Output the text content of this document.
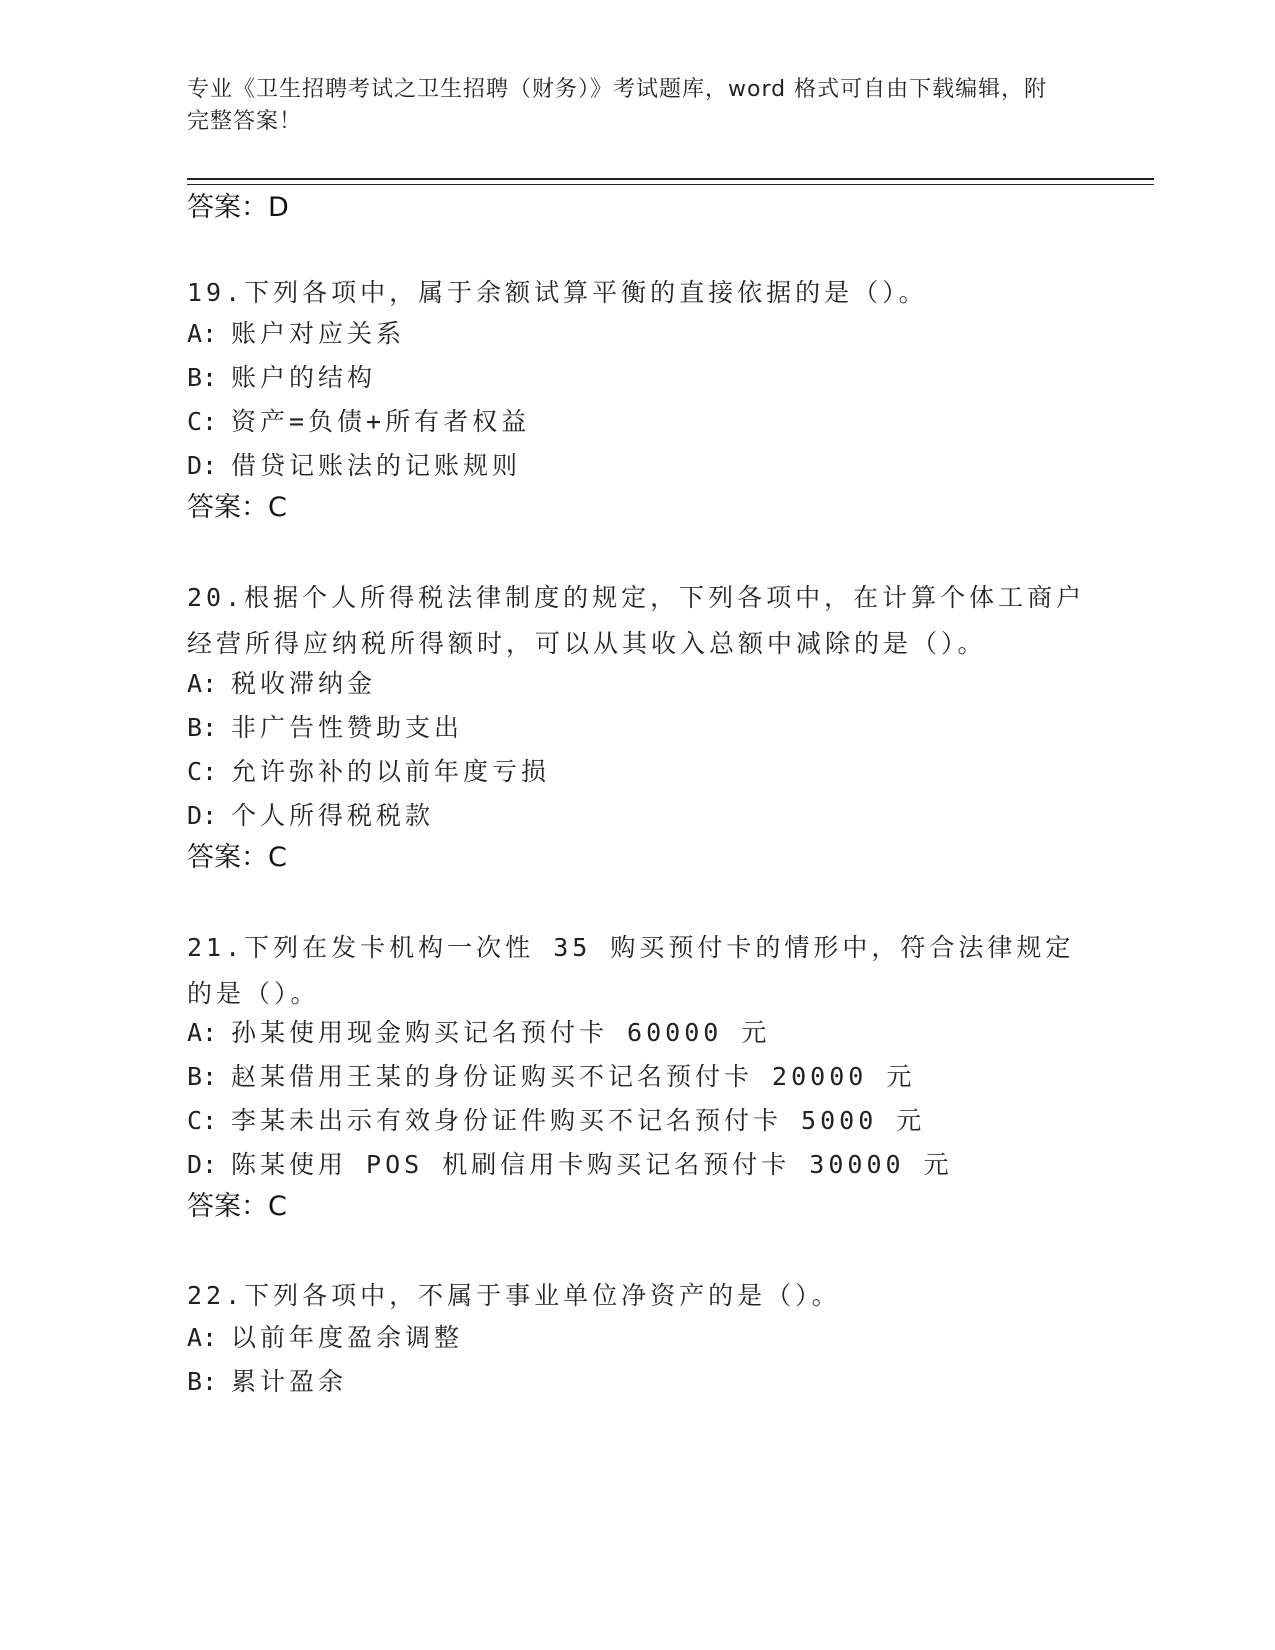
专业《卫生招聘考试之卫生招聘（财务）》考试题库，word 格式可自由下载编辑，附完整答案！
答案：D
19.下列各项中，属于余额试算平衡的直接依据的是（）。
A: 账户对应关系
B: 账户的结构
C: 资产=负债+所有者权益
D: 借贷记账法的记账规则
答案：C
20.根据个人所得税法律制度的规定，下列各项中，在计算个体工商户经营所得应纳税所得额时，可以从其收入总额中减除的是（）。
A: 税收滞纳金
B: 非广告性赞助支出
C: 允许弥补的以前年度亏损
D: 个人所得税税款
答案：C
21.下列在发卡机构一次性 35 购买预付卡的情形中，符合法律规定的是（）。
A: 孙某使用现金购买记名预付卡 60000 元
B: 赵某借用王某的身份证购买不记名预付卡 20000 元
C: 李某未出示有效身份证件购买不记名预付卡 5000 元
D: 陈某使用 POS 机刷信用卡购买记名预付卡 30000 元
答案：C
22.下列各项中，不属于事业单位净资产的是（）。
A: 以前年度盈余调整
B: 累计盈余
